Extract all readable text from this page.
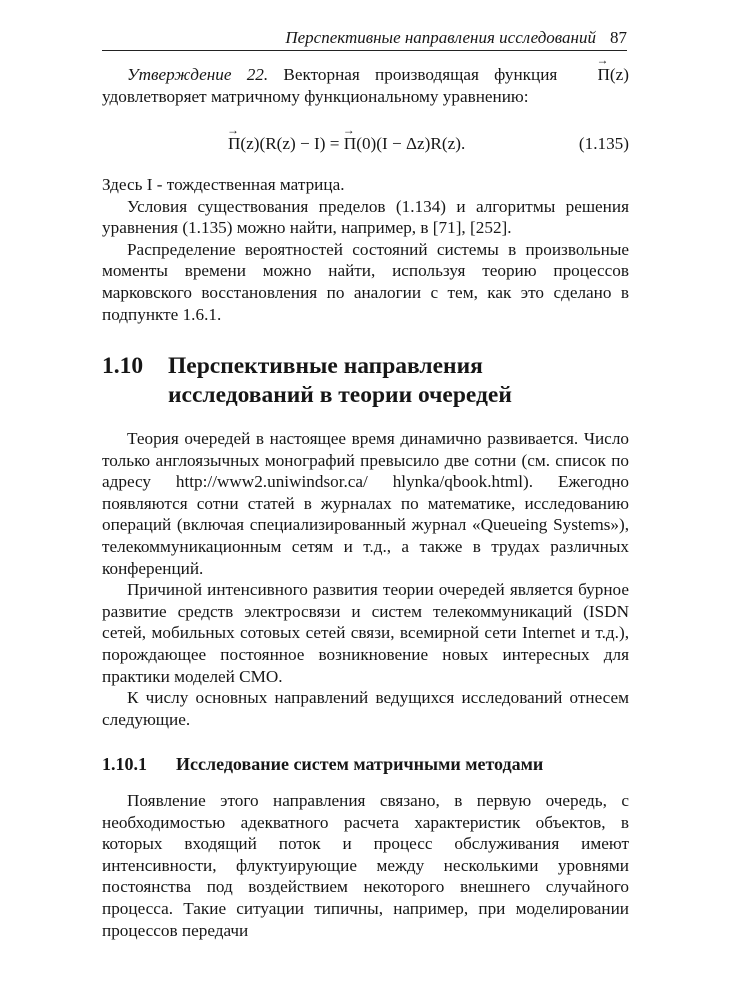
Перспективные направления исследований 87

Утверждение 22. Векторная производящая функция → Π(z) удовлетворяет матричному функциональному уравнению:

→ Π(z)(R(z) − I) = → Π(0)(I − Δz)R(z).	(1.135)

Здесь I - тождественная матрица.

Условия существования пределов (1.134) и алгоритмы решения уравнения (1.135) можно найти, например, в [71], [252].

Распределение вероятностей состояний системы в произвольные моменты времени можно найти, используя теорию процессов марковского восстановления по аналогии с тем, как это сделано в подпункте 1.6.1.

1.10 Перспективные направления исследований в теории очередей

Теория очередей в настоящее время динамично развивается. Число только англоязычных монографий превысило две сотни (см. список по адресу http://www2.uniwindsor.ca/ hlynka/qbook.html). Ежегодно появляются сотни статей в журналах по математике, исследованию операций (включая специализированный журнал «Queueing Systems»), телекоммуникационным сетям и т.д., а также в трудах различных конференций.

Причиной интенсивного развития теории очередей является бурное развитие средств электросвязи и систем телекоммуникаций (ISDN сетей, мобильных сотовых сетей связи, всемирной сети Internet и т.д.), порождающее постоянное возникновение новых интересных для практики моделей СМО.

К числу основных направлений ведущихся исследований отнесем следующие.

1.10.1 Исследование систем матричными методами

Появление этого направления связано, в первую очередь, с необходимостью адекватного расчета характеристик объектов, в которых входящий поток и процесс обслуживания имеют интенсивности, флуктуирующие между несколькими уровнями постоянства под воздействием некоторого внешнего случайного процесса. Такие ситуации типичны, например, при моделировании процессов передачи
